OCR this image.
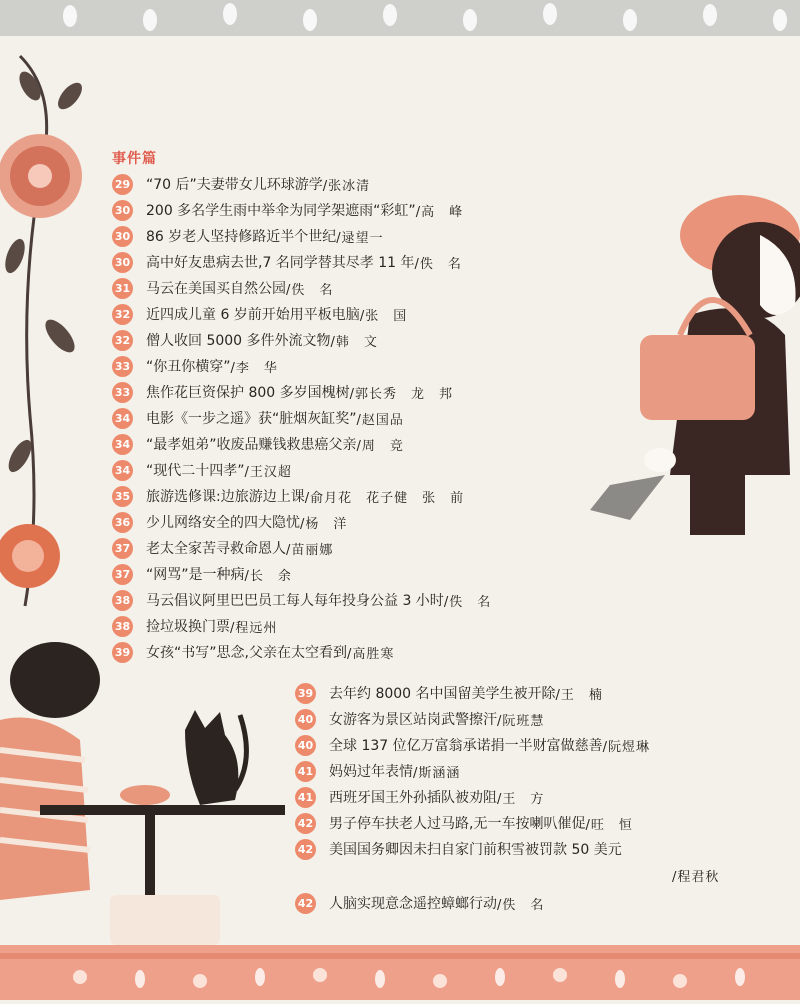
事件篇
29 “70 后”夫妻带女儿环球游学 /张冰清
30 200 多名学生雨中举伞为同学架遮雨“彩虹” /高　峰
30 86 岁老人坚持修路近半个世纪 /逯望一
30 高中好友患病去世,7 名同学替其尽孝 11 年 /佚　名
31 马云在美国买自然公园 /佚　名
32 近四成儿童 6 岁前开始用平板电脑 /张　国
32 僧人收回 5000 多件外流文物 /韩　文
33 “你丑你横穿” /李　华
33 焦作花巨资保护 800 多岁国槐树 /郭长秀　龙　邦
34 电影《一步之遥》获“脏烟灰缸奖” /赵国品
34 “最孝姐弟”收废品赚钱救患癌父亲 /周　竞
34 “现代二十四孝” /王汉超
35 旅游选修课:边旅游边上课 /俞月花　花子健　张　前
36 少儿网络安全的四大隐忧 /杨　洋
37 老太全家苦寻救命恩人 /苗丽娜
37 “网骂”是一种病 /长　余
38 马云倡议阿里巴巴员工每人每年投身公益 3 小时 /佚　名
38 捡垃圾换门票 /程远州
39 女孩“书写”思念,父亲在太空看到 /高胜寒
39 去年约 8000 名中国留美学生被开除 /王　楠
40 女游客为景区站岗武警擦汗 /阮班慧
40 全球 137 位亿万富翁承诺捐一半财富做慈善 /阮煜琳
41 妈妈过年表情 /斯涵涵
41 西班牙国王外孙插队被劝阻 /王　方
42 男子停车扶老人过马路,无一车按喇叭催促 /旺　恒
42 美国国务卿因未扫自家门前积雪被罚款 50 美元
/程君秋
42 人脑实现意念遥控蟑螂行动 /佚　名
